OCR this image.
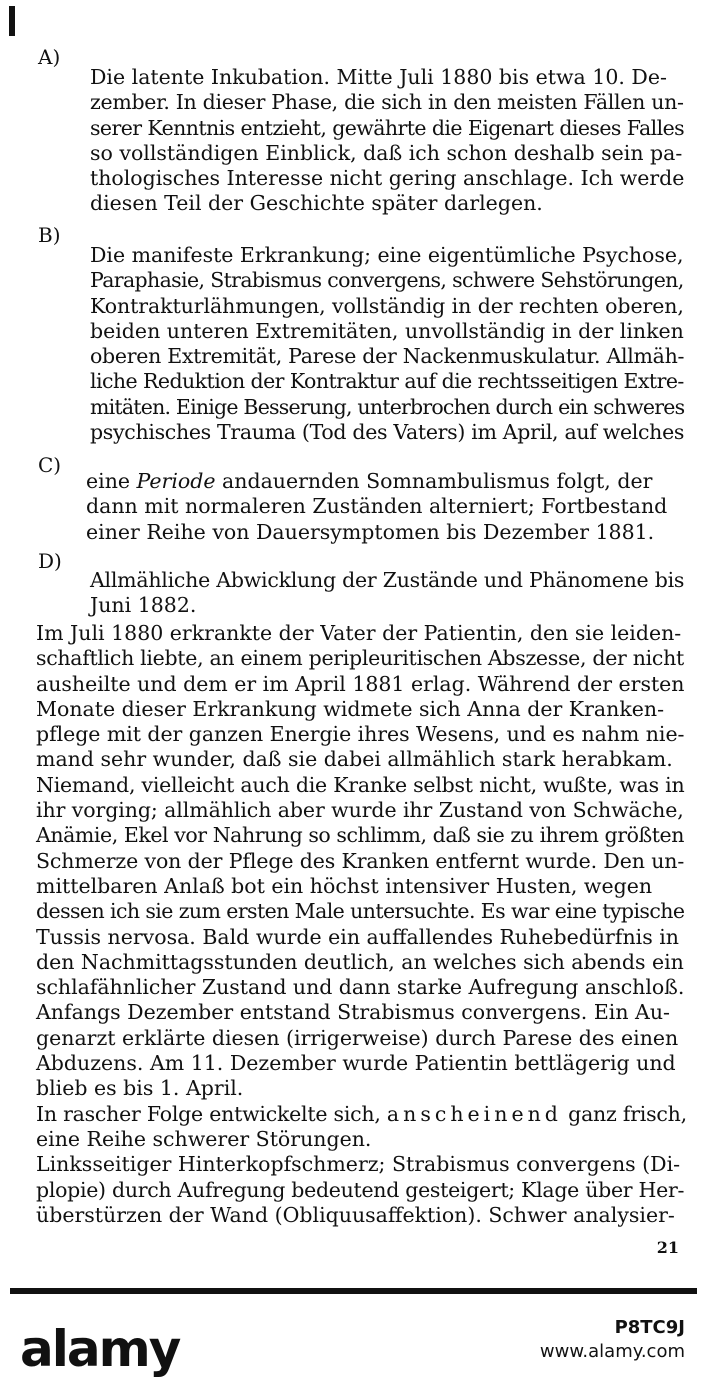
A)
Die latente Inkubation. Mitte Juli 1880 bis etwa 10. De-
zember. In dieser Phase, die sich in den meisten Fällen un-
serer Kenntnis entzieht, gewährte die Eigenart dieses Falles
so vollständigen Einblick, daß ich schon deshalb sein pa-
thologisches Interesse nicht gering anschlage. Ich werde
diesen Teil der Geschichte später darlegen.
B)
Die manifeste Erkrankung; eine eigentümliche Psychose,
Paraphasie, Strabismus convergens, schwere Sehstörungen,
Kontrakturlähmungen, vollständig in der rechten oberen,
beiden unteren Extremitäten, unvollständig in der linken
oberen Extremität, Parese der Nackenmuskulatur. Allmäh-
liche Reduktion der Kontraktur auf die rechtsseitigen Extre-
mitäten. Einige Besserung, unterbrochen durch ein schweres
psychisches Trauma (Tod des Vaters) im April, auf welches
C)
eine Periode andauernden Somnambulismus folgt, der
dann mit normaleren Zuständen alterniert; Fortbestand
einer Reihe von Dauersymptomen bis Dezember 1881.
D)
Allmähliche Abwicklung der Zustände und Phänomene bis
Juni 1882.
Im Juli 1880 erkrankte der Vater der Patientin, den sie leiden-
schaftlich liebte, an einem peripleuritischen Abszesse, der nicht
ausheilte und dem er im April 1881 erlag. Während der ersten
Monate dieser Erkrankung widmete sich Anna der Kranken-
pflege mit der ganzen Energie ihres Wesens, und es nahm nie-
mand sehr wunder, daß sie dabei allmählich stark herabkam.
Niemand, vielleicht auch die Kranke selbst nicht, wußte, was in
ihr vorging; allmählich aber wurde ihr Zustand von Schwäche,
Anämie, Ekel vor Nahrung so schlimm, daß sie zu ihrem größten
Schmerze von der Pflege des Kranken entfernt wurde. Den un-
mittelbaren Anlaß bot ein höchst intensiver Husten, wegen
dessen ich sie zum ersten Male untersuchte. Es war eine typische
Tussis nervosa. Bald wurde ein auffallendes Ruhebedürfnis in
den Nachmittagsstunden deutlich, an welches sich abends ein
schlafähnlicher Zustand und dann starke Aufregung anschloß.
Anfangs Dezember entstand Strabismus convergens. Ein Au-
genarzt erklärte diesen (irrigerweise) durch Parese des einen
Abduzens. Am 11. Dezember wurde Patientin bettlägerig und
blieb es bis 1. April.
In rascher Folge entwickelte sich, anscheinend ganz frisch,
eine Reihe schwerer Störungen.
Linksseitiger Hinterkopfschmerz; Strabismus convergens (Di-
plopie) durch Aufregung bedeutend gesteigert; Klage über Her-
überstürzen der Wand (Obliquusaffektion). Schwer analysier-
21
alamy	P8TC9J
www.alamy.com
